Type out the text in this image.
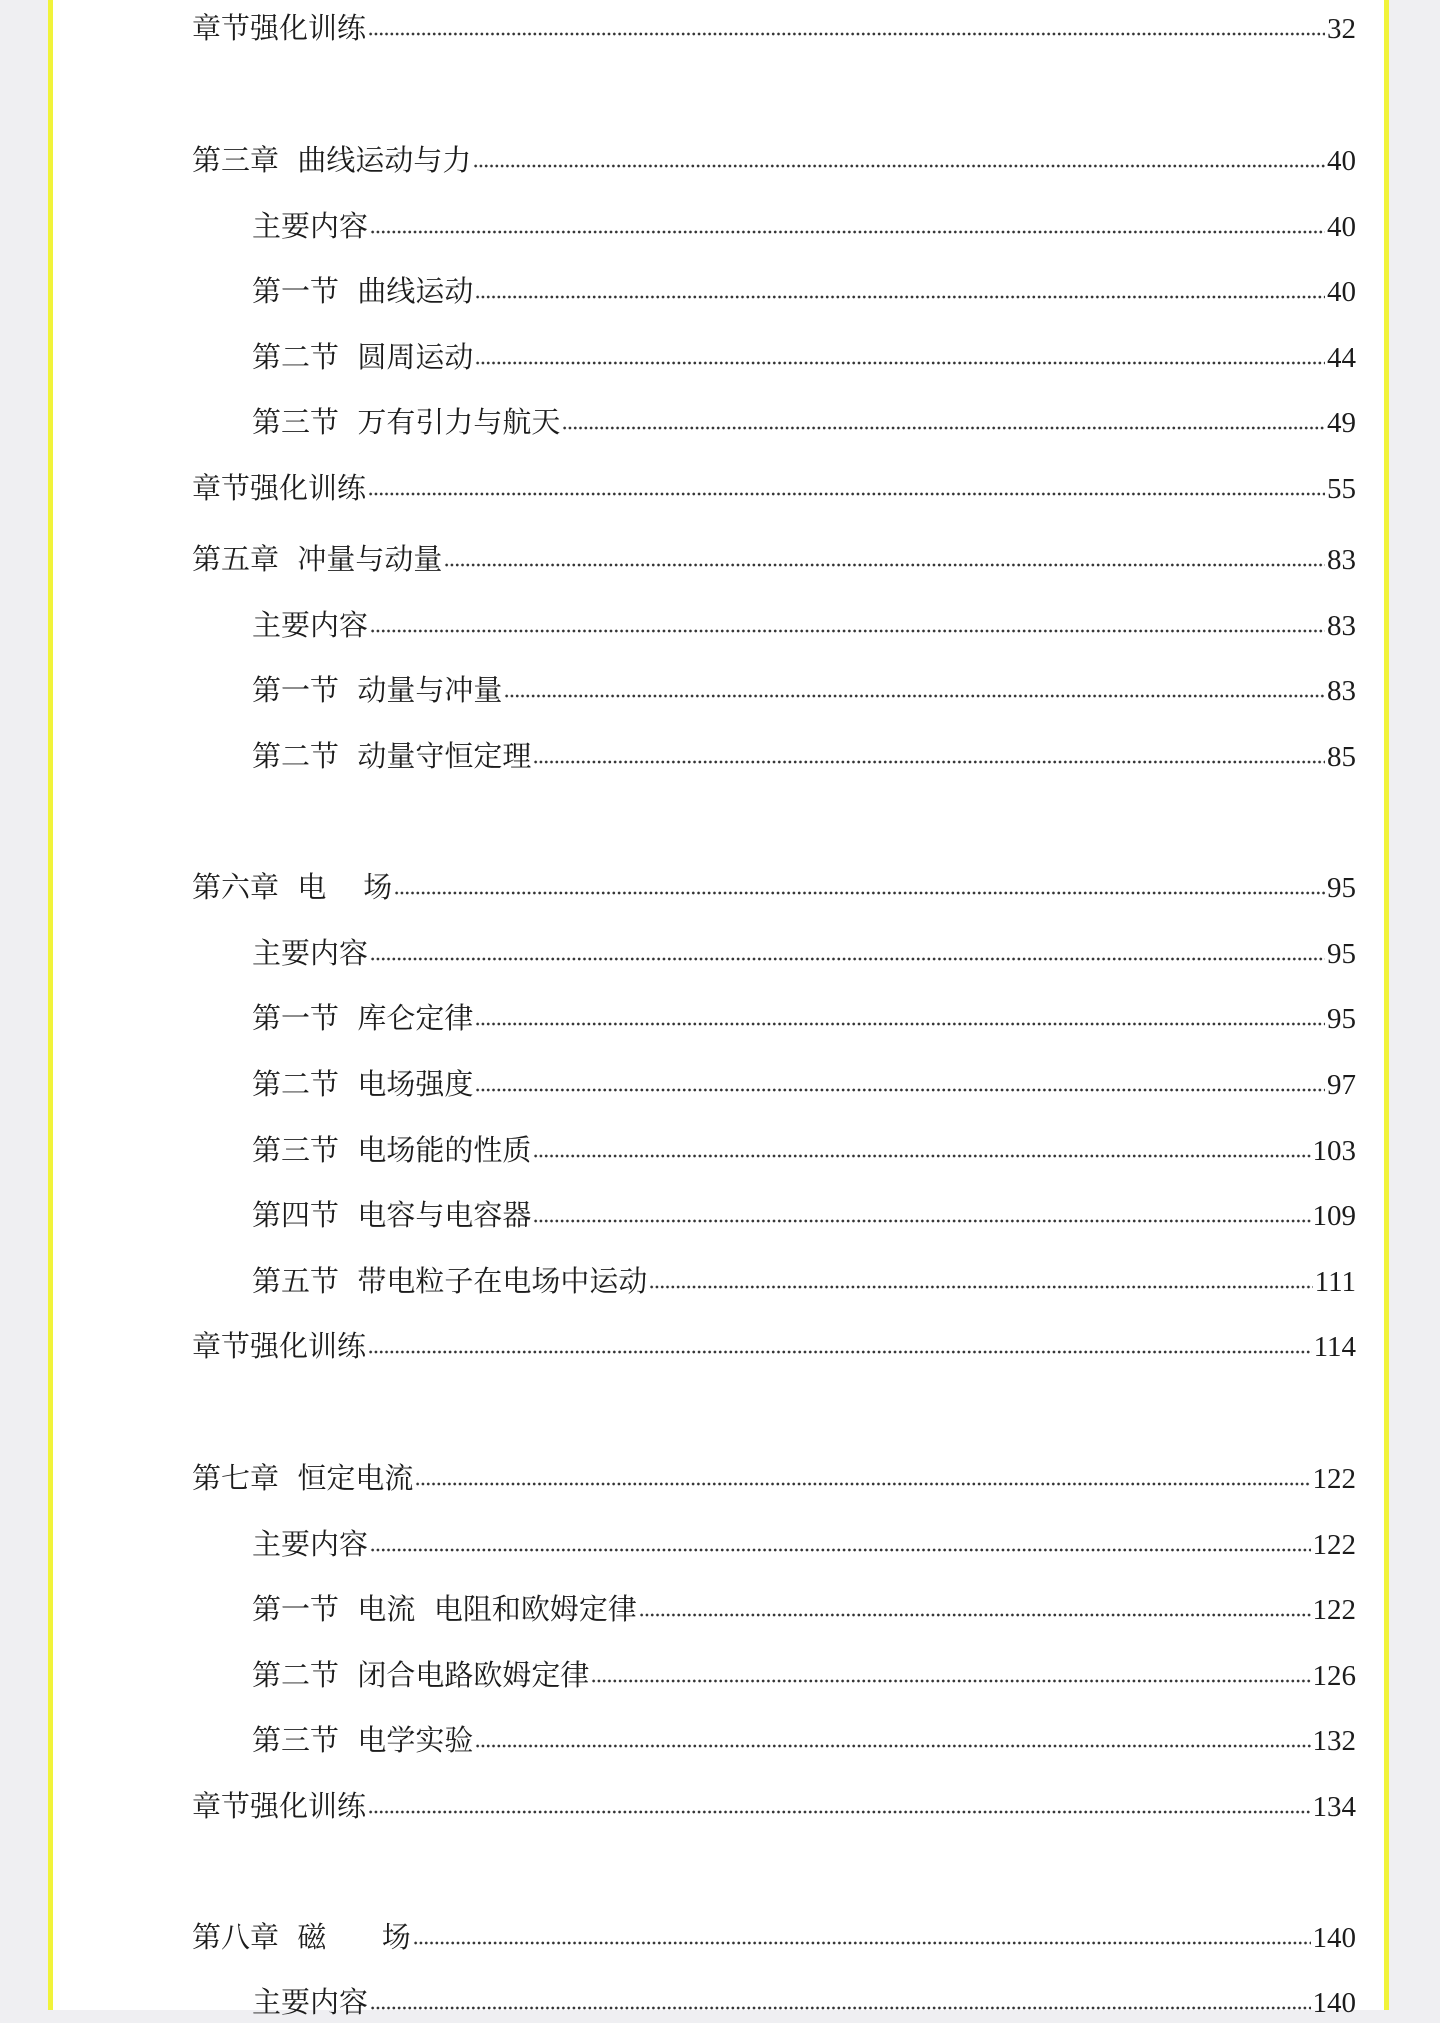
章节强化训练	32
第三章  曲线运动与力	40
主要内容	40
第一节  曲线运动	40
第二节  圆周运动	44
第三节  万有引力与航天	49
章节强化训练	55
第五章  冲量与动量	83
主要内容	83
第一节  动量与冲量	83
第二节  动量守恒定理	85
第六章  电    场	95
主要内容	95
第一节  库仑定律	95
第二节  电场强度	97
第三节  电场能的性质	103
第四节  电容与电容器	109
第五节  带电粒子在电场中运动	111
章节强化训练	114
第七章  恒定电流	122
主要内容	122
第一节  电流  电阻和欧姆定律	122
第二节  闭合电路欧姆定律	126
第三节  电学实验	132
章节强化训练	134
第八章  磁      场	140
主要内容	140
